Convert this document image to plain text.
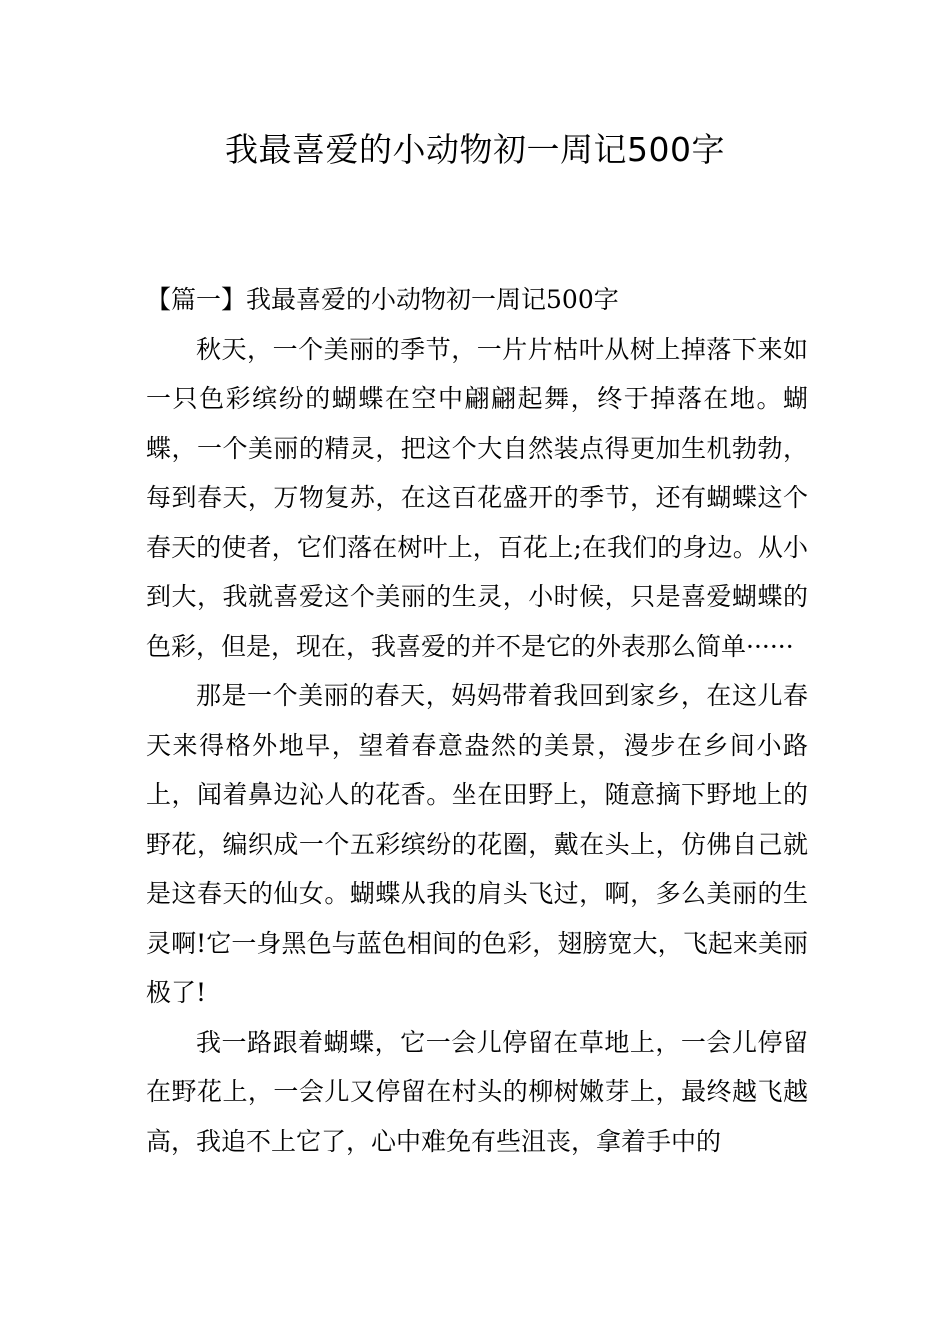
我最喜爱的小动物初一周记500字
【篇一】我最喜爱的小动物初一周记500字

秋天，一个美丽的季节，一片片枯叶从树上掉落下来如一只色彩缤纷的蝴蝶在空中翩翩起舞，终于掉落在地。蝴蝶，一个美丽的精灵，把这个大自然装点得更加生机勃勃，每到春天，万物复苏，在这百花盛开的季节，还有蝴蝶这个春天的使者，它们落在树叶上，百花上;在我们的身边。从小到大，我就喜爱这个美丽的生灵，小时候，只是喜爱蝴蝶的色彩，但是，现在，我喜爱的并不是它的外表那么简单······

那是一个美丽的春天，妈妈带着我回到家乡，在这儿春天来得格外地早，望着春意盎然的美景，漫步在乡间小路上，闻着鼻边沁人的花香。坐在田野上，随意摘下野地上的野花，编织成一个五彩缤纷的花圈，戴在头上，仿佛自己就是这春天的仙女。蝴蝶从我的肩头飞过，啊，多么美丽的生灵啊!它一身黑色与蓝色相间的色彩，翅膀宽大，飞起来美丽极了!

我一路跟着蝴蝶，它一会儿停留在草地上，一会儿停留在野花上，一会儿又停留在村头的柳树嫩芽上，最终越飞越高，我追不上它了，心中难免有些沮丧，拿着手中的
